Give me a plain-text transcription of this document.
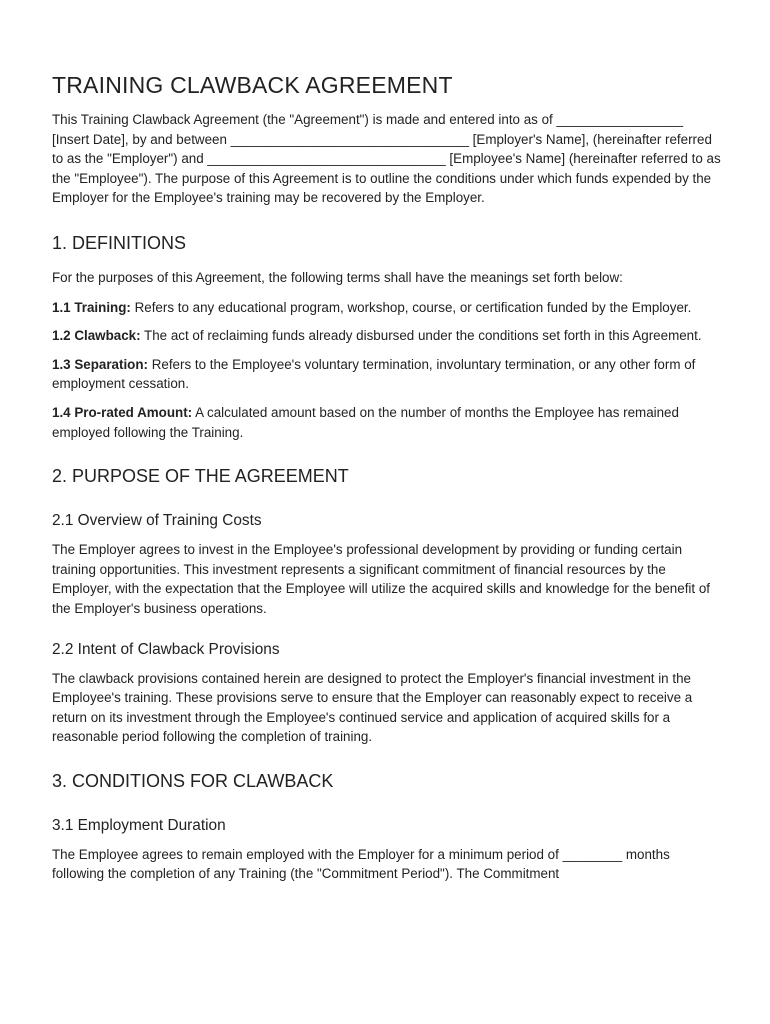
TRAINING CLAWBACK AGREEMENT

This Training Clawback Agreement (the "Agreement") is made and entered into as of _________________ [Insert Date], by and between ________________________________ [Employer's Name], (hereinafter referred to as the "Employer") and ________________________________ [Employee's Name] (hereinafter referred to as the "Employee"). The purpose of this Agreement is to outline the conditions under which funds expended by the Employer for the Employee's training may be recovered by the Employer.

1. DEFINITIONS

For the purposes of this Agreement, the following terms shall have the meanings set forth below:

1.1 Training: Refers to any educational program, workshop, course, or certification funded by the Employer.

1.2 Clawback: The act of reclaiming funds already disbursed under the conditions set forth in this Agreement.

1.3 Separation: Refers to the Employee's voluntary termination, involuntary termination, or any other form of employment cessation.

1.4 Pro-rated Amount: A calculated amount based on the number of months the Employee has remained employed following the Training.

2. PURPOSE OF THE AGREEMENT
2.1 Overview of Training Costs

The Employer agrees to invest in the Employee's professional development by providing or funding certain training opportunities. This investment represents a significant commitment of financial resources by the Employer, with the expectation that the Employee will utilize the acquired skills and knowledge for the benefit of the Employer's business operations.

2.2 Intent of Clawback Provisions

The clawback provisions contained herein are designed to protect the Employer's financial investment in the Employee's training. These provisions serve to ensure that the Employer can reasonably expect to receive a return on its investment through the Employee's continued service and application of acquired skills for a reasonable period following the completion of training.

3. CONDITIONS FOR CLAWBACK
3.1 Employment Duration

The Employee agrees to remain employed with the Employer for a minimum period of ________ months following the completion of any Training (the "Commitment Period"). The Commitment
